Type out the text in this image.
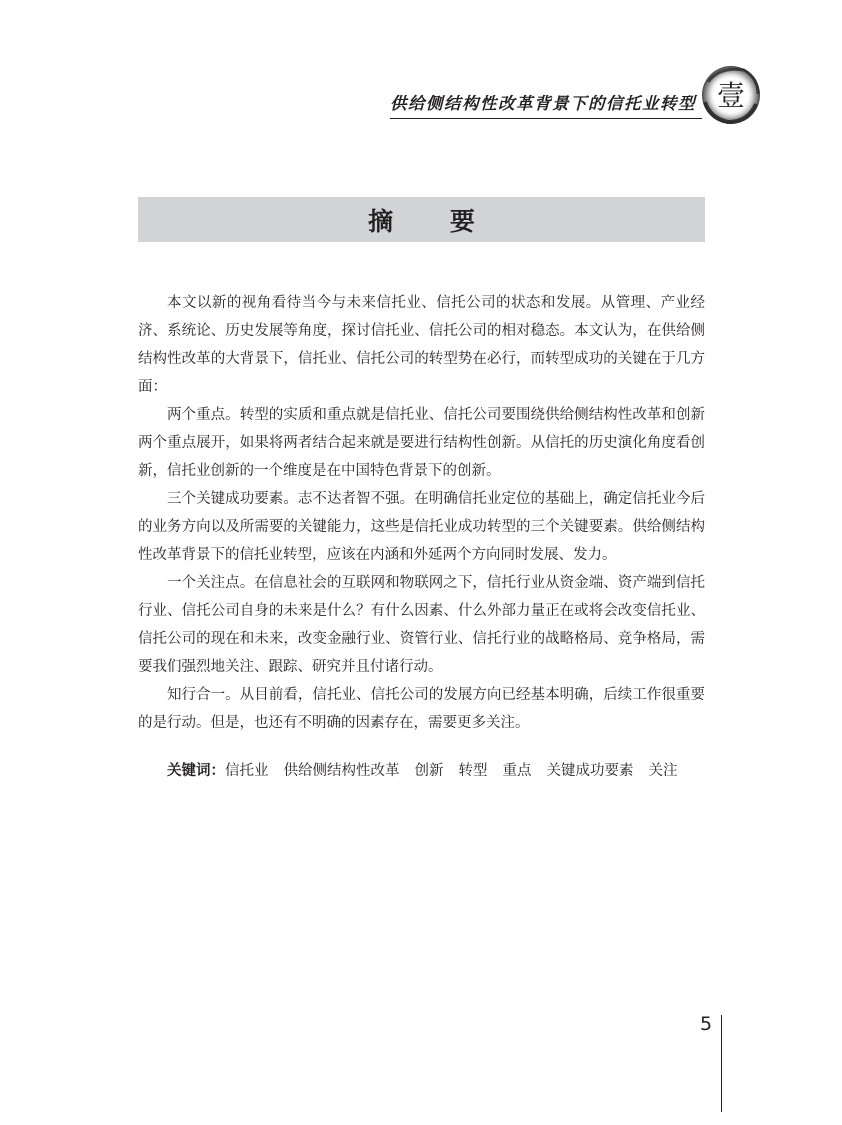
供给侧结构性改革背景下的信托业转型 壹
摘 要

本文以新的视角看待当今与未来信托业、信托公司的状态和发展。从管理、产业经济、系统论、历史发展等角度，探讨信托业、信托公司的相对稳态。本文认为，在供给侧结构性改革的大背景下，信托业、信托公司的转型势在必行，而转型成功的关键在于几方面：

两个重点。转型的实质和重点就是信托业、信托公司要围绕供给侧结构性改革和创新两个重点展开，如果将两者结合起来就是要进行结构性创新。从信托的历史演化角度看创新，信托业创新的一个维度是在中国特色背景下的创新。

三个关键成功要素。志不达者智不强。在明确信托业定位的基础上，确定信托业今后的业务方向以及所需要的关键能力，这些是信托业成功转型的三个关键要素。供给侧结构性改革背景下的信托业转型，应该在内涵和外延两个方向同时发展、发力。

一个关注点。在信息社会的互联网和物联网之下，信托行业从资金端、资产端到信托行业、信托公司自身的未来是什么？有什么因素、什么外部力量正在或将会改变信托业、信托公司的现在和未来，改变金融行业、资管行业、信托行业的战略格局、竞争格局，需要我们强烈地关注、跟踪、研究并且付诸行动。

知行合一。从目前看，信托业、信托公司的发展方向已经基本明确，后续工作很重要的是行动。但是，也还有不明确的因素存在，需要更多关注。

关键词：信托业 供给侧结构性改革 创新 转型 重点 关键成功要素 关注
5
